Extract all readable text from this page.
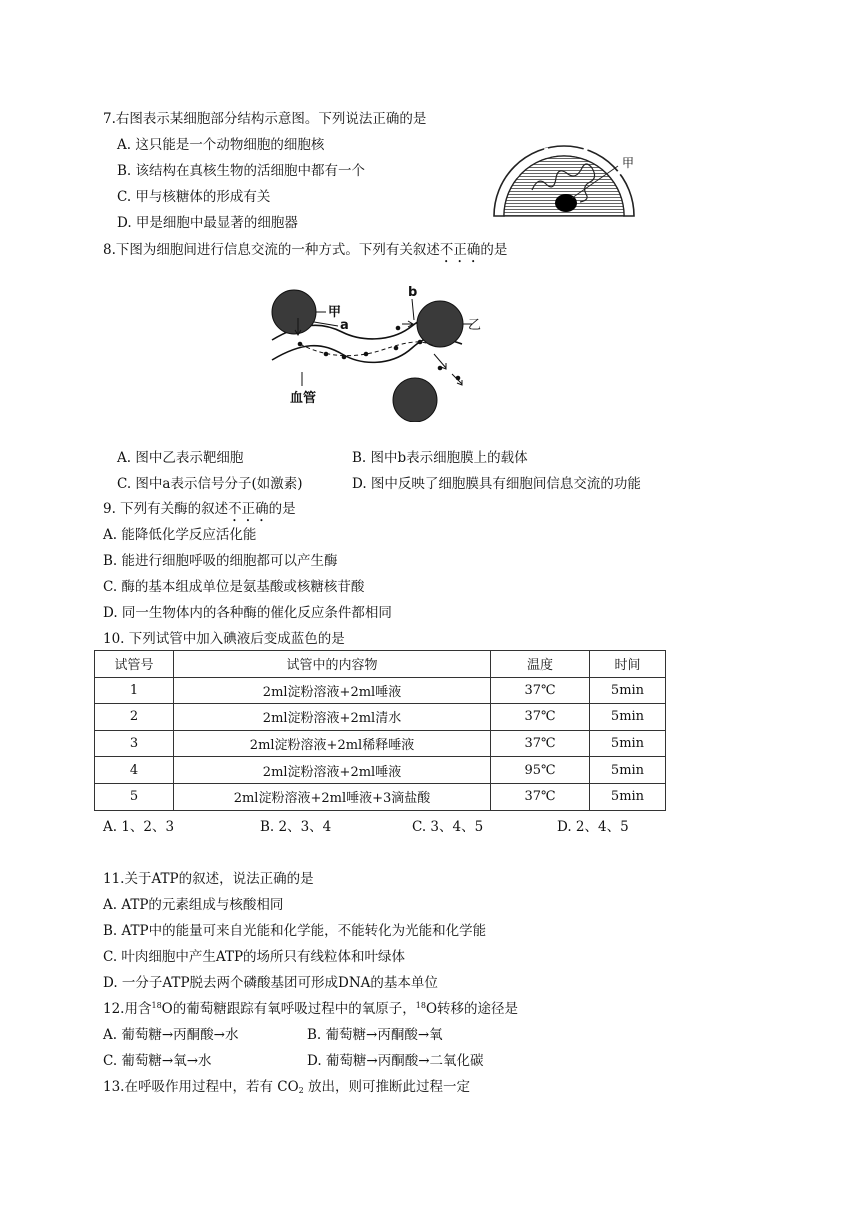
7.右图表示某细胞部分结构示意图。下列说法正确的是
A. 这只能是一个动物细胞的细胞核
B. 该结构在真核生物的活细胞中都有一个
C. 甲与核糖体的形成有关
D. 甲是细胞中最显著的细胞器
甲
8.下图为细胞间进行信息交流的一种方式。下列有关叙述不正确的是
甲
a
b
乙
血管
A. 图中乙表示靶细胞	B. 图中b表示细胞膜上的载体
C. 图中a表示信号分子(如激素)	D. 图中反映了细胞膜具有细胞间信息交流的功能
9. 下列有关酶的叙述不正确的是
A. 能降低化学反应活化能
B. 能进行细胞呼吸的细胞都可以产生酶
C. 酶的基本组成单位是氨基酸或核糖核苷酸
D. 同一生物体内的各种酶的催化反应条件都相同
10. 下列试管中加入碘液后变成蓝色的是
试管号	试管中的内容物	温度	时间
1	2ml淀粉溶液+2ml唾液	37℃	5min
2	2ml淀粉溶液+2ml清水	37℃	5min
3	2ml淀粉溶液+2ml稀释唾液	37℃	5min
4	2ml淀粉溶液+2ml唾液	95℃	5min
5	2ml淀粉溶液+2ml唾液+3滴盐酸	37℃	5min
A. 1、2、3	B. 2、3、4	C. 3、4、5	D. 2、4、5
11.关于ATP的叙述，说法正确的是
A. ATP的元素组成与核酸相同
B. ATP中的能量可来自光能和化学能，不能转化为光能和化学能
C. 叶肉细胞中产生ATP的场所只有线粒体和叶绿体
D. 一分子ATP脱去两个磷酸基团可形成DNA的基本单位
12.用含$^{18}$O的葡萄糖跟踪有氧呼吸过程中的氧原子，$^{18}$O转移的途径是
A. 葡萄糖→丙酮酸→水	B. 葡萄糖→丙酮酸→氧
C. 葡萄糖→氧→水	D. 葡萄糖→丙酮酸→二氧化碳
13.在呼吸作用过程中，若有 $CO_2$ 放出，则可推断此过程一定
